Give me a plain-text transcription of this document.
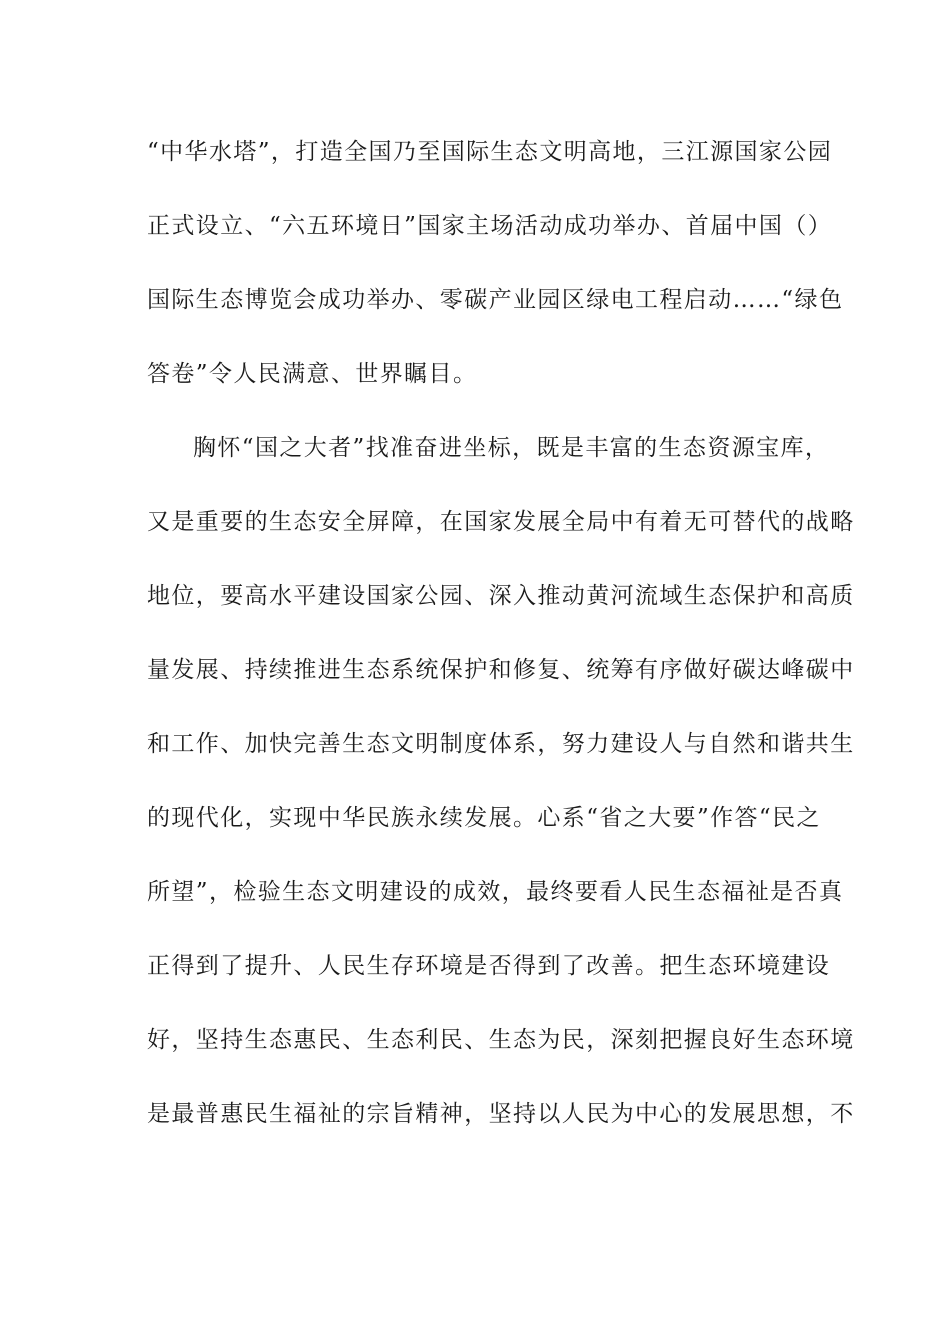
“中华水塔”，打造全国乃至国际生态文明高地，三江源国家公园
正式设立、“六五环境日”国家主场活动成功举办、首届中国（）
国际生态博览会成功举办、零碳产业园区绿电工程启动……“绿色
答卷”令人民满意、世界瞩目。
胸怀“国之大者”找准奋进坐标，既是丰富的生态资源宝库，
又是重要的生态安全屏障，在国家发展全局中有着无可替代的战略
地位，要高水平建设国家公园、深入推动黄河流域生态保护和高质
量发展、持续推进生态系统保护和修复、统筹有序做好碳达峰碳中
和工作、加快完善生态文明制度体系，努力建设人与自然和谐共生
的现代化，实现中华民族永续发展。心系“省之大要”作答“民之
所望”，检验生态文明建设的成效，最终要看人民生态福祉是否真
正得到了提升、人民生存环境是否得到了改善。把生态环境建设
好，坚持生态惠民、生态利民、生态为民，深刻把握良好生态环境
是最普惠民生福祉的宗旨精神，坚持以人民为中心的发展思想，不
